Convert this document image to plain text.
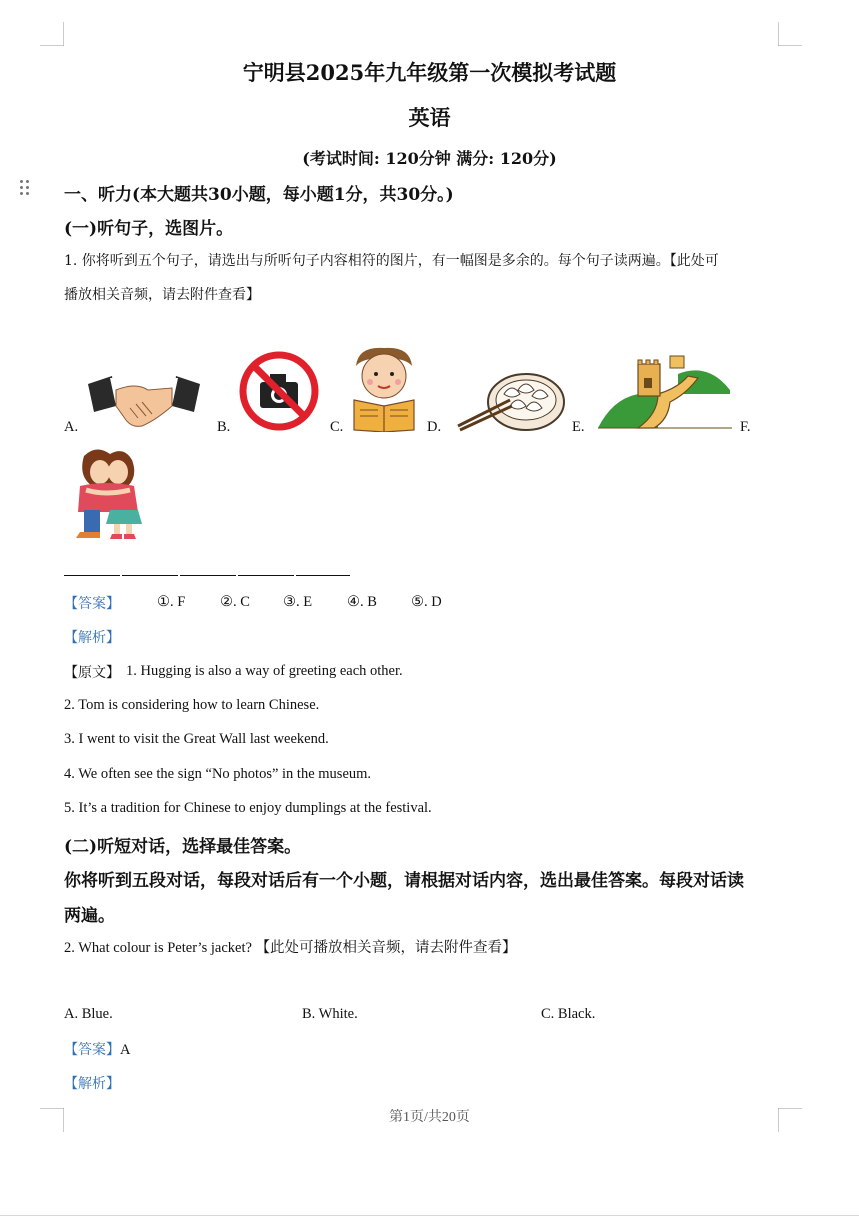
宁明县2025年九年级第一次模拟考试题
英语
(考试时间: 120分钟 满分: 120分)
一、听力(本大题共30小题，每小题1分，共30分。)
(一)听句子，选图片。
1. 你将听到五个句子，请选出与所听句子内容相符的图片，有一幅图是多余的。每个句子读两遍。【此处可
播放相关音频，请去附件查看】
A.	B.	C.	D.	E.	F.
【答案】	①. F ②. C ③. E ④. B ⑤. D
【解析】
【原文】 1. Hugging is also a way of greeting each other.
2. Tom is considering how to learn Chinese.
3. I went to visit the Great Wall last weekend.
4. We often see the sign “No photos” in the museum.
5. It’s a tradition for Chinese to enjoy dumplings at the festival.
(二)听短对话，选择最佳答案。
你将听到五段对话，每段对话后有一个小题，请根据对话内容，选出最佳答案。每段对话读
两遍。
2. What colour is Peter’s jacket? 【此处可播放相关音频，请去附件查看】
A. Blue.	B. White.	C. Black.
【答案】A
【解析】
第1页/共20页
